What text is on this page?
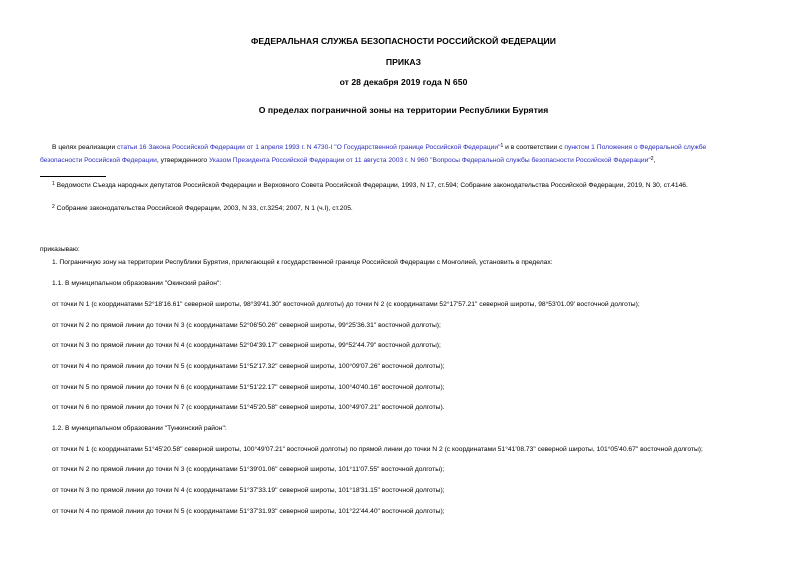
ФЕДЕРАЛЬНАЯ СЛУЖБА БЕЗОПАСНОСТИ РОССИЙСКОЙ ФЕДЕРАЦИИ
ПРИКАЗ
от 28 декабря 2019 года N 650
О пределах пограничной зоны на территории Республики Бурятия
В целях реализации статьи 16 Закона Российской Федерации от 1 апреля 1993 г. N 4730-I "О Государственной границе Российской Федерации"$^1$ и в соответствии с пунктом 1 Положения о Федеральной службе
безопасности Российской Федерации, утвержденного Указом Президента Российской Федерации от 11 августа 2003 г. N 960 "Вопросы Федеральной службы безопасности Российской Федерации"$^2$,
$^1$ Ведомости Съезда народных депутатов Российской Федерации и Верховного Совета Российской Федерации, 1993, N 17, ст.594; Собрание законодательства Российской Федерации, 2019, N 30, ст.4146.
$^2$ Собрание законодательства Российской Федерации, 2003, N 33, ст.3254; 2007, N 1 (ч.I), ст.205.
приказываю:
1. Пограничную зону на территории Республики Бурятия, прилегающей к государственной границе Российской Федерации с Монголией, установить в пределах:
1.1. В муниципальном образовании "Окинский район":
от точки N 1 (с координатами 52°18'16.61" северной широты, 98°39'41.30" восточной долготы) до точки N 2 (с координатами 52°17'57.21" северной широты, 98°53'01.09' восточной долготы);
от точки N 2 по прямой линии до точки N 3 (с координатами 52°06'50.26" северной широты, 99°25'36.31" восточной долготы);
от точки N 3 по прямой линии до точки N 4 (с координатами 52°04'39.17" северной широты, 99°52'44.79" восточной долготы);
от точки N 4 по прямой линии до точки N 5 (с координатами 51°52'17.32" северной широты, 100°09'07.26" восточной долготы);
от точки N 5 по прямой линии до точки N 6 (с координатами 51°51'22.17" северной широты, 100°40'40.16" восточной долготы);
от точки N 6 по прямой линии до точки N 7 (с координатами 51°45'20.58" северной широты, 100°49'07.21" восточной долготы).
1.2. В муниципальном образовании "Тункинский район":
от точки N 1 (с координатами 51°45'20.58" северной широты, 100°49'07.21" восточной долготы) по прямой линии до точки N 2 (с координатами 51°41'08.73" северной широты, 101°05'40.67" восточной долготы);
от точки N 2 по прямой линии до точки N 3 (с координатами 51°39'01.06" северной широты, 101°11'07.55" восточной долготы);
от точки N 3 по прямой линии до точки N 4 (с координатами 51°37'33.19" северной широты, 101°18'31.15" восточной долготы);
от точки N 4 по прямой линии до точки N 5 (с координатами 51°37'31.93" северной широты, 101°22'44.40" восточной долготы);
